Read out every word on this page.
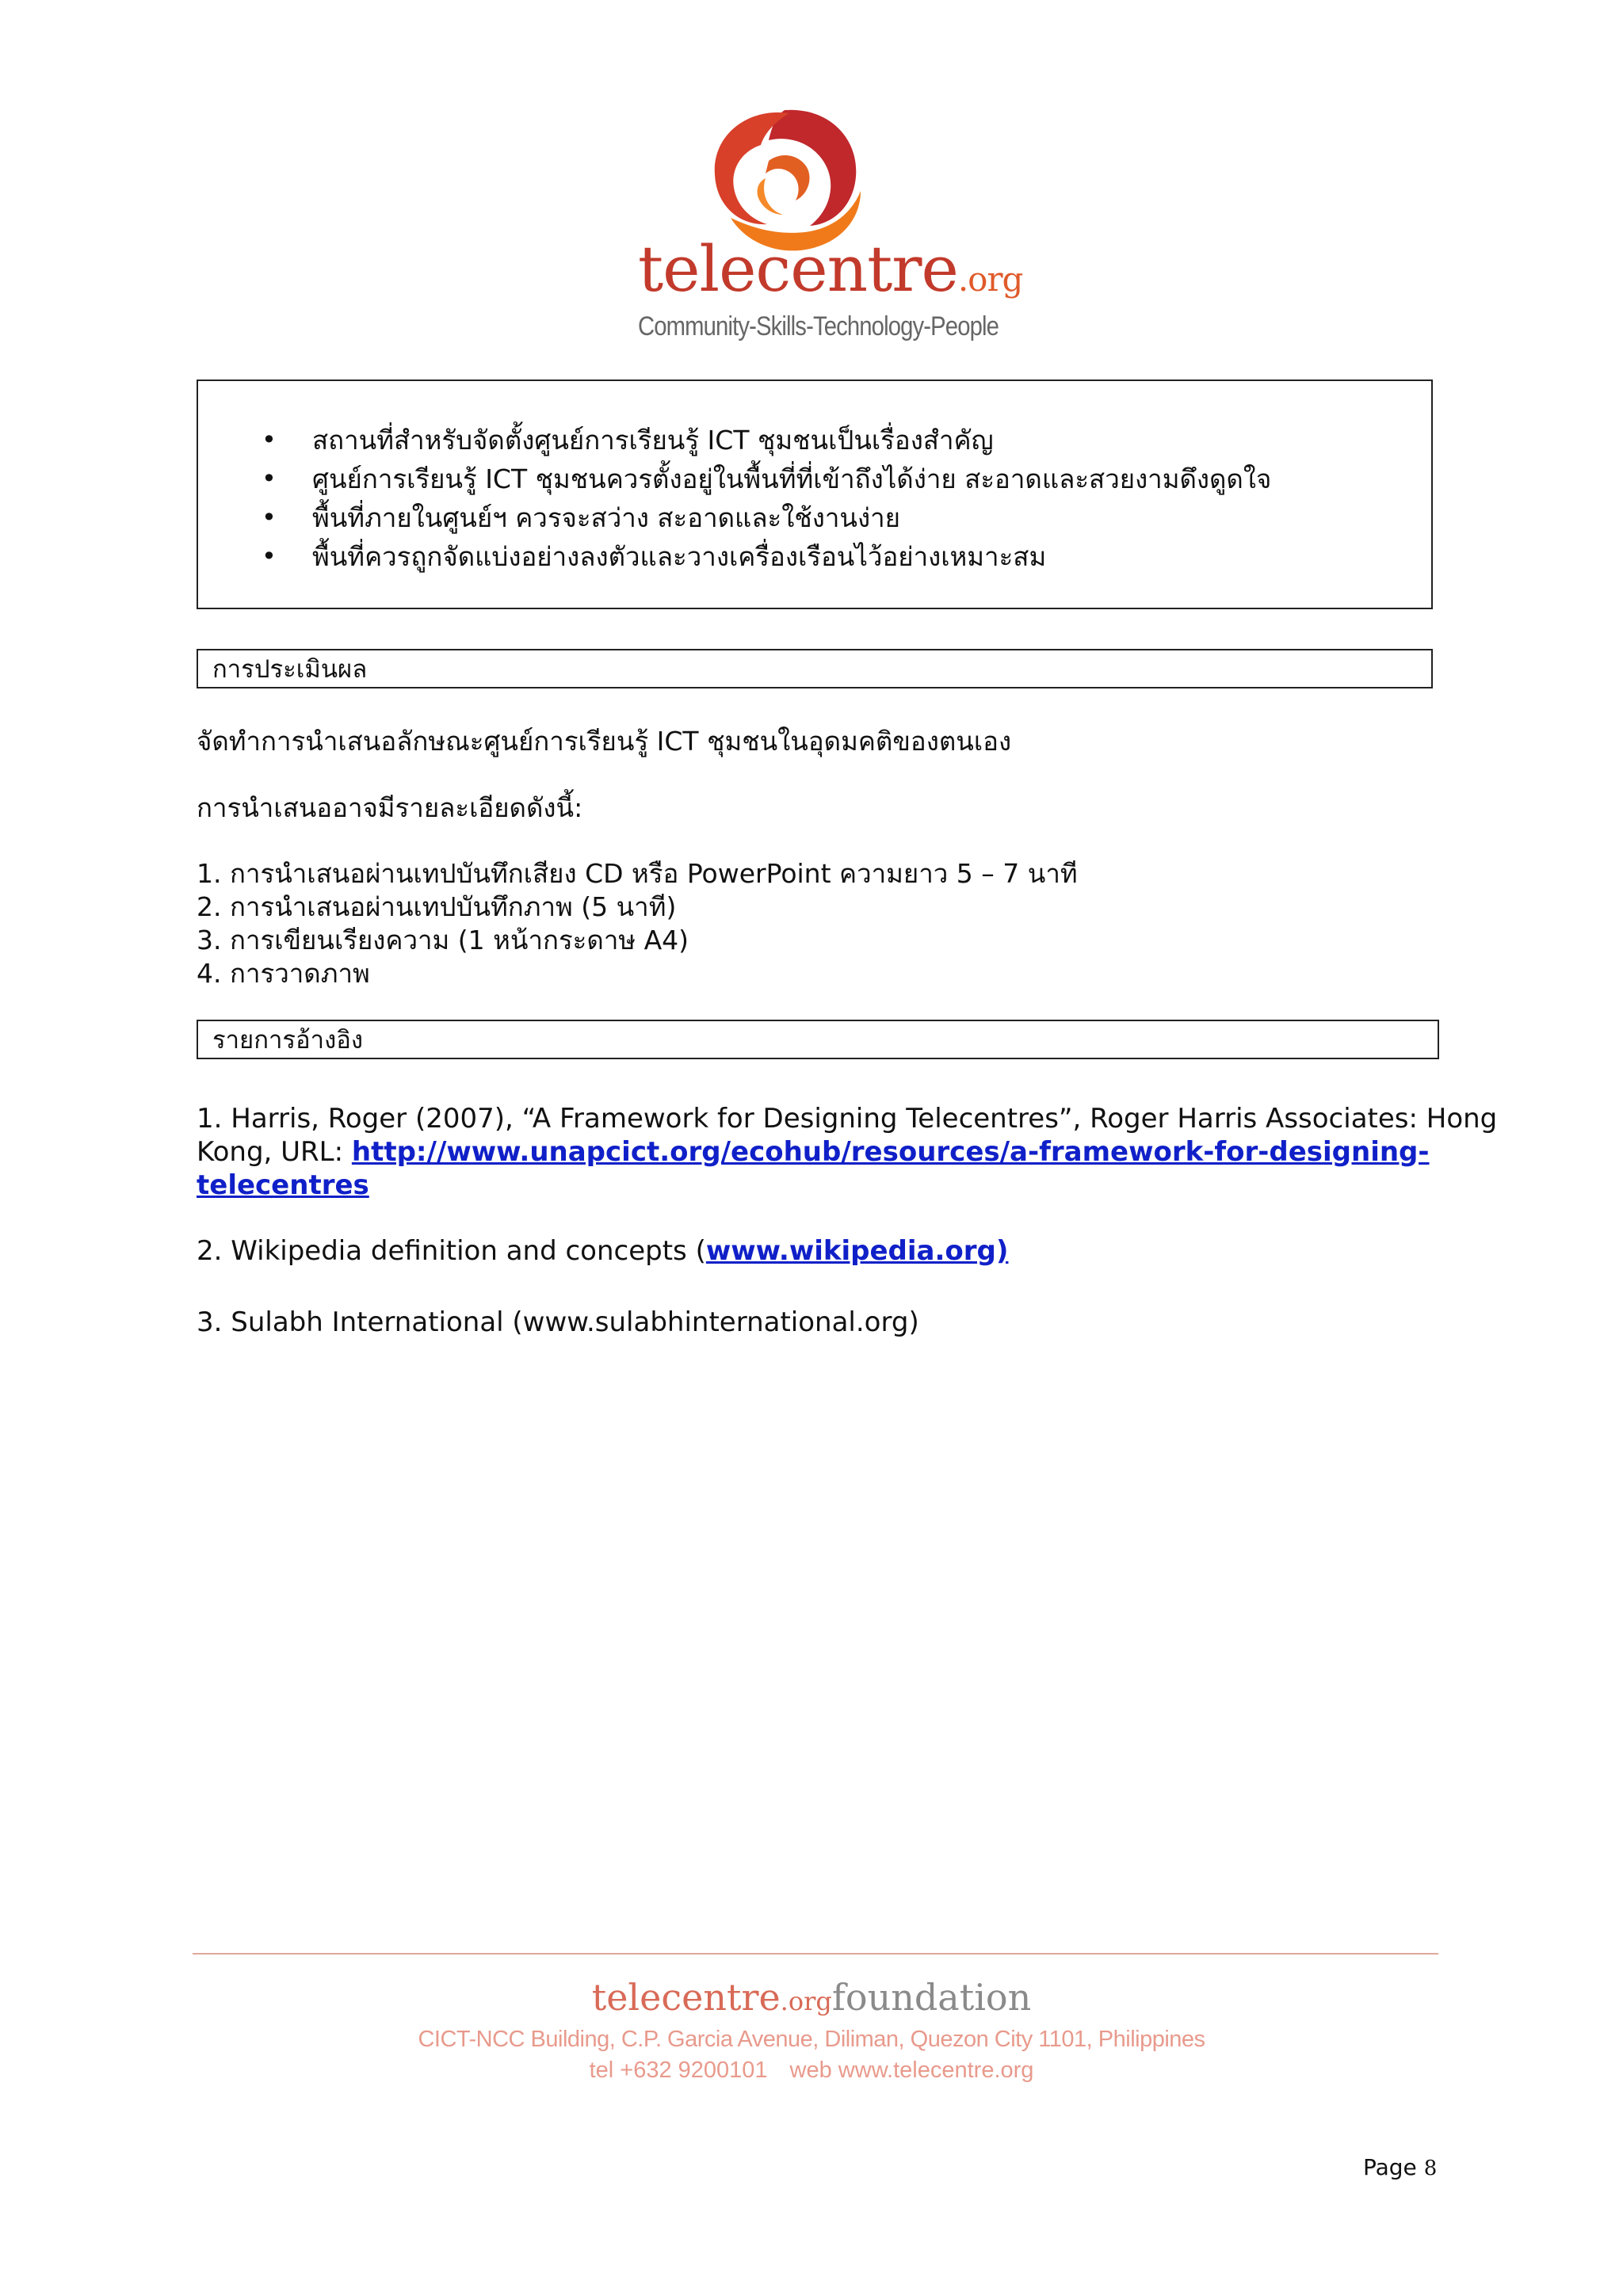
telecentre.org
Community-Skills-Technology-People
• สถานที่สำหรับจัดตั้งศูนย์การเรียนรู้ ICT ชุมชนเป็นเรื่องสำคัญ
• ศูนย์การเรียนรู้ ICT ชุมชนควรตั้งอยู่ในพื้นที่ที่เข้าถึงได้ง่าย สะอาดและสวยงามดึงดูดใจ
• พื้นที่ภายในศูนย์ฯ ควรจะสว่าง สะอาดและใช้งานง่าย
• พื้นที่ควรถูกจัดแบ่งอย่างลงตัวและวางเครื่องเรือนไว้อย่างเหมาะสม
การประเมินผล
จัดทำการนำเสนอลักษณะศูนย์การเรียนรู้ ICT ชุมชนในอุดมคติของตนเอง
การนำเสนออาจมีรายละเอียดดังนี้:
1. การนำเสนอผ่านเทปบันทึกเสียง CD หรือ PowerPoint ความยาว 5 – 7 นาที
2. การนำเสนอผ่านเทปบันทึกภาพ (5 นาที)
3. การเขียนเรียงความ (1 หน้ากระดาษ A4)
4. การวาดภาพ
รายการอ้างอิง
1. Harris, Roger (2007), “A Framework for Designing Telecentres”, Roger Harris Associates: Hong
Kong, URL: http://www.unapcict.org/ecohub/resources/a-framework-for-designing-
telecentres
2. Wikipedia definition and concepts (www.wikipedia.org)
3. Sulabh International (www.sulabhinternational.org)
telecentre.orgfoundation
CICT-NCC Building, C.P. Garcia Avenue, Diliman, Quezon City 1101, Philippines
tel +632 9200101 web www.telecentre.org
Page 8
